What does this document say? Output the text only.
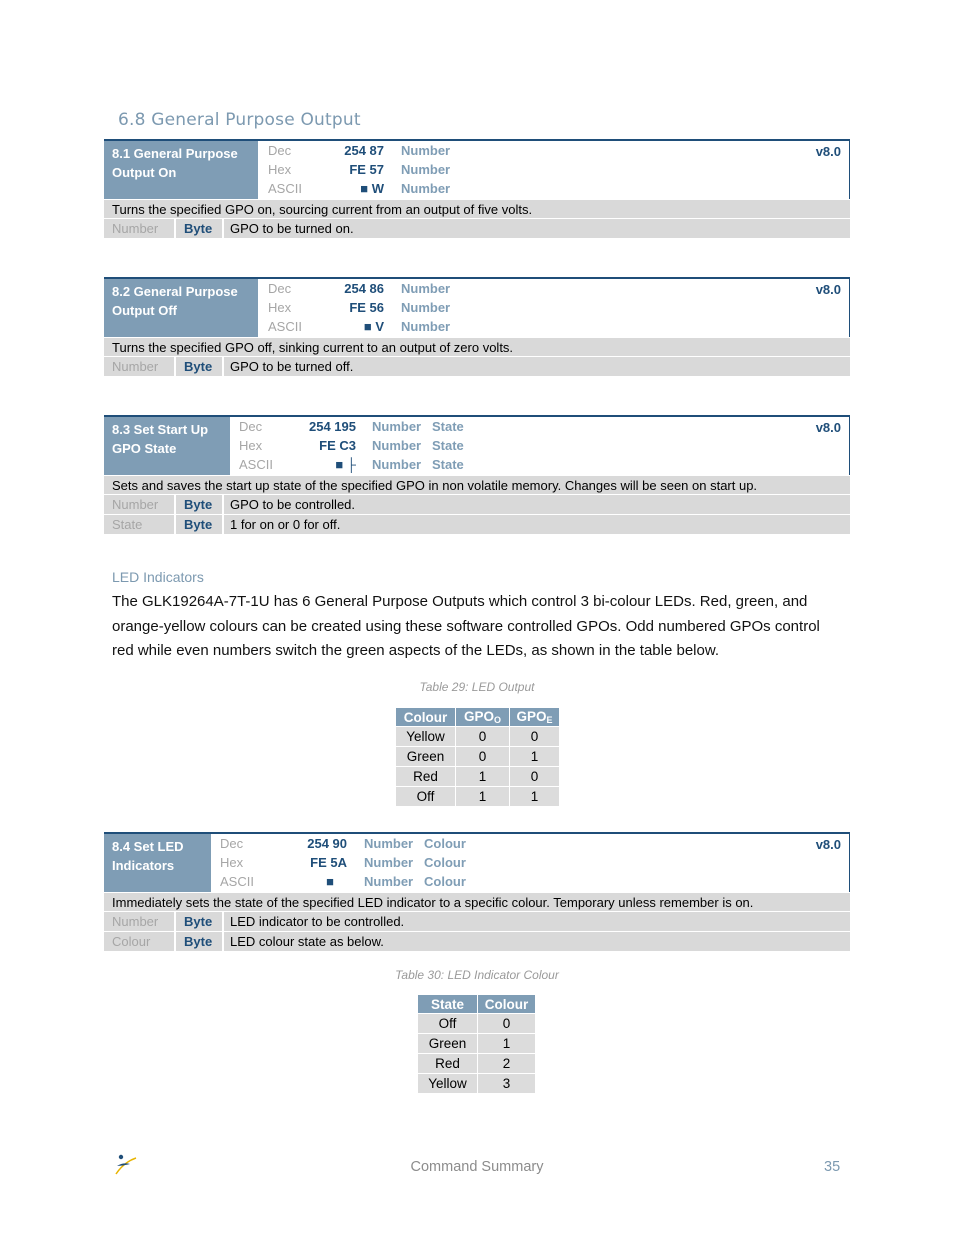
6.8 General Purpose Output
8.1 General Purpose
Output On
Dec	254 87 Number
Hex	FE 57 Number
ASCII	■ W Number
v8.0
Turns the specified GPO on, sourcing current from an output of five volts.
Number	Byte	GPO to be turned on.
8.2 General Purpose
Output Off
Dec	254 86 Number
Hex	FE 56 Number
ASCII	■ V Number
v8.0
Turns the specified GPO off, sinking current to an output of zero volts.
Number	Byte	GPO to be turned off.
8.3 Set Start Up
GPO State
Dec	254 195 Number State
Hex	FE C3 Number State
ASCII	■ ├ Number State
v8.0
Sets and saves the start up state of the specified GPO in non volatile memory. Changes will be seen on start up.
Number	Byte	GPO to be controlled.
State	Byte	1 for on or 0 for off.
LED Indicators
The GLK19264A-7T-1U has 6 General Purpose Outputs which control 3 bi-colour LEDs. Red, green, and orange-yellow colours can be created using these software controlled GPOs. Odd numbered GPOs control red while even numbers switch the green aspects of the LEDs, as shown in the table below.
Table 29: LED Output
Colour	$GPO_O$	$GPO_E$
Yellow	0	0
Green	0	1
Red	1	0
Off	1	1
8.4 Set LED
Indicators
Dec	254 90 Number Colour
Hex	FE 5A Number Colour
ASCII	■ Number Colour
v8.0
Immediately sets the state of the specified LED indicator to a specific colour. Temporary unless remember is on.
Number	Byte	LED indicator to be controlled.
Colour	Byte	LED colour state as below.
Table 30: LED Indicator Colour
State	Colour
Off	0
Green	1
Red	2
Yellow	3
Command Summary	35
